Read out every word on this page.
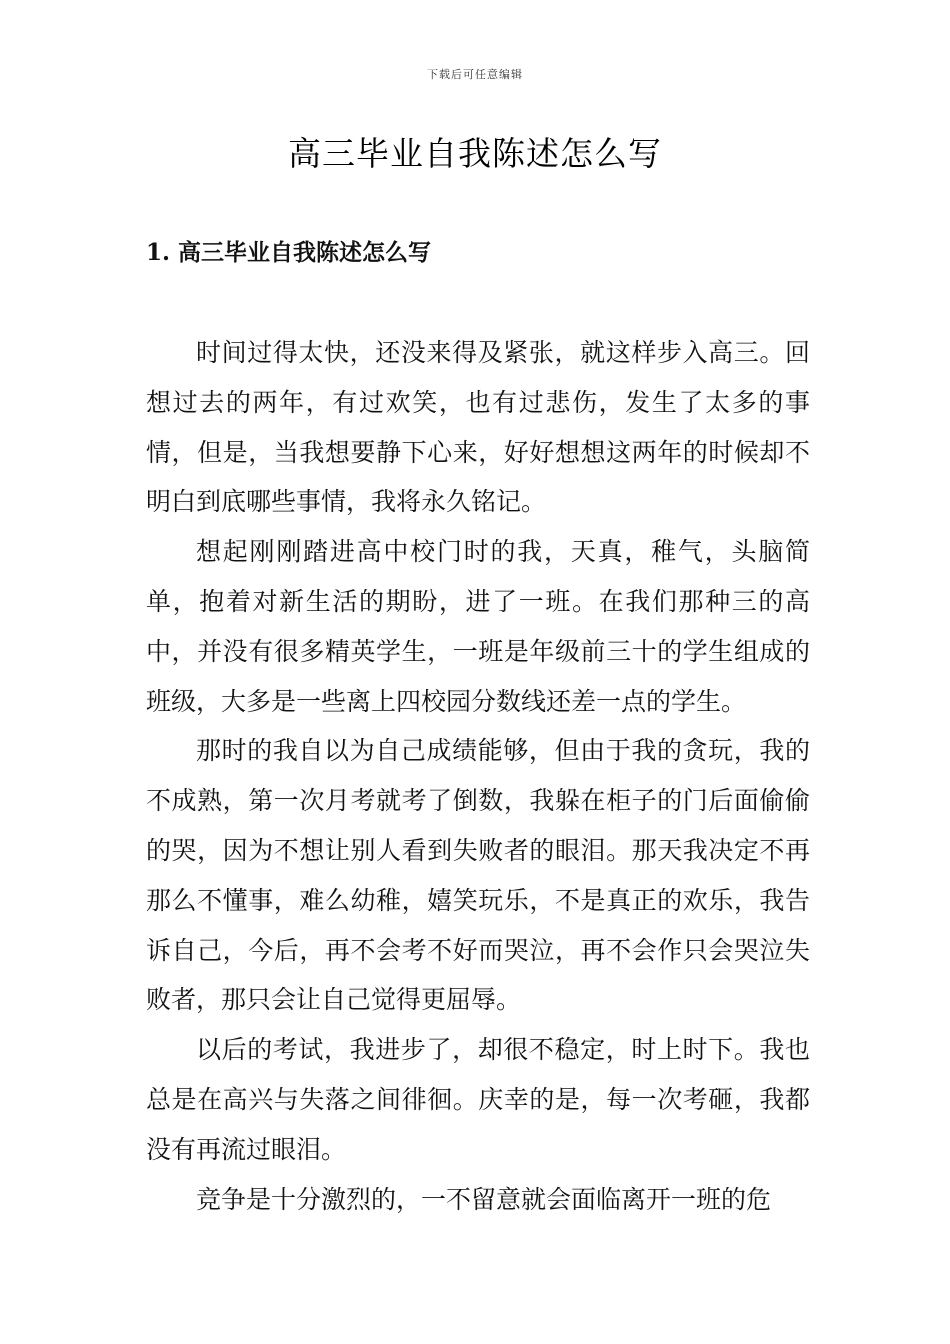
下载后可任意编辑
高三毕业自我陈述怎么写
1. 高三毕业自我陈述怎么写

时间过得太快，还没来得及紧张，就这样步入高三。回想过去的两年，有过欢笑，也有过悲伤，发生了太多的事情，但是，当我想要静下心来，好好想想这两年的时候却不明白到底哪些事情，我将永久铭记。

想起刚刚踏进高中校门时的我，天真，稚气，头脑简单，抱着对新生活的期盼，进了一班。在我们那种三的高中，并没有很多精英学生，一班是年级前三十的学生组成的班级，大多是一些离上四校园分数线还差一点的学生。

那时的我自以为自己成绩能够，但由于我的贪玩，我的不成熟，第一次月考就考了倒数，我躲在柜子的门后面偷偷的哭，因为不想让别人看到失败者的眼泪。那天我决定不再那么不懂事，难么幼稚，嬉笑玩乐，不是真正的欢乐，我告诉自己，今后，再不会考不好而哭泣，再不会作只会哭泣失败者，那只会让自己觉得更屈辱。

以后的考试，我进步了，却很不稳定，时上时下。我也总是在高兴与失落之间徘徊。庆幸的是，每一次考砸，我都没有再流过眼泪。

竞争是十分激烈的，一不留意就会面临离开一班的危
